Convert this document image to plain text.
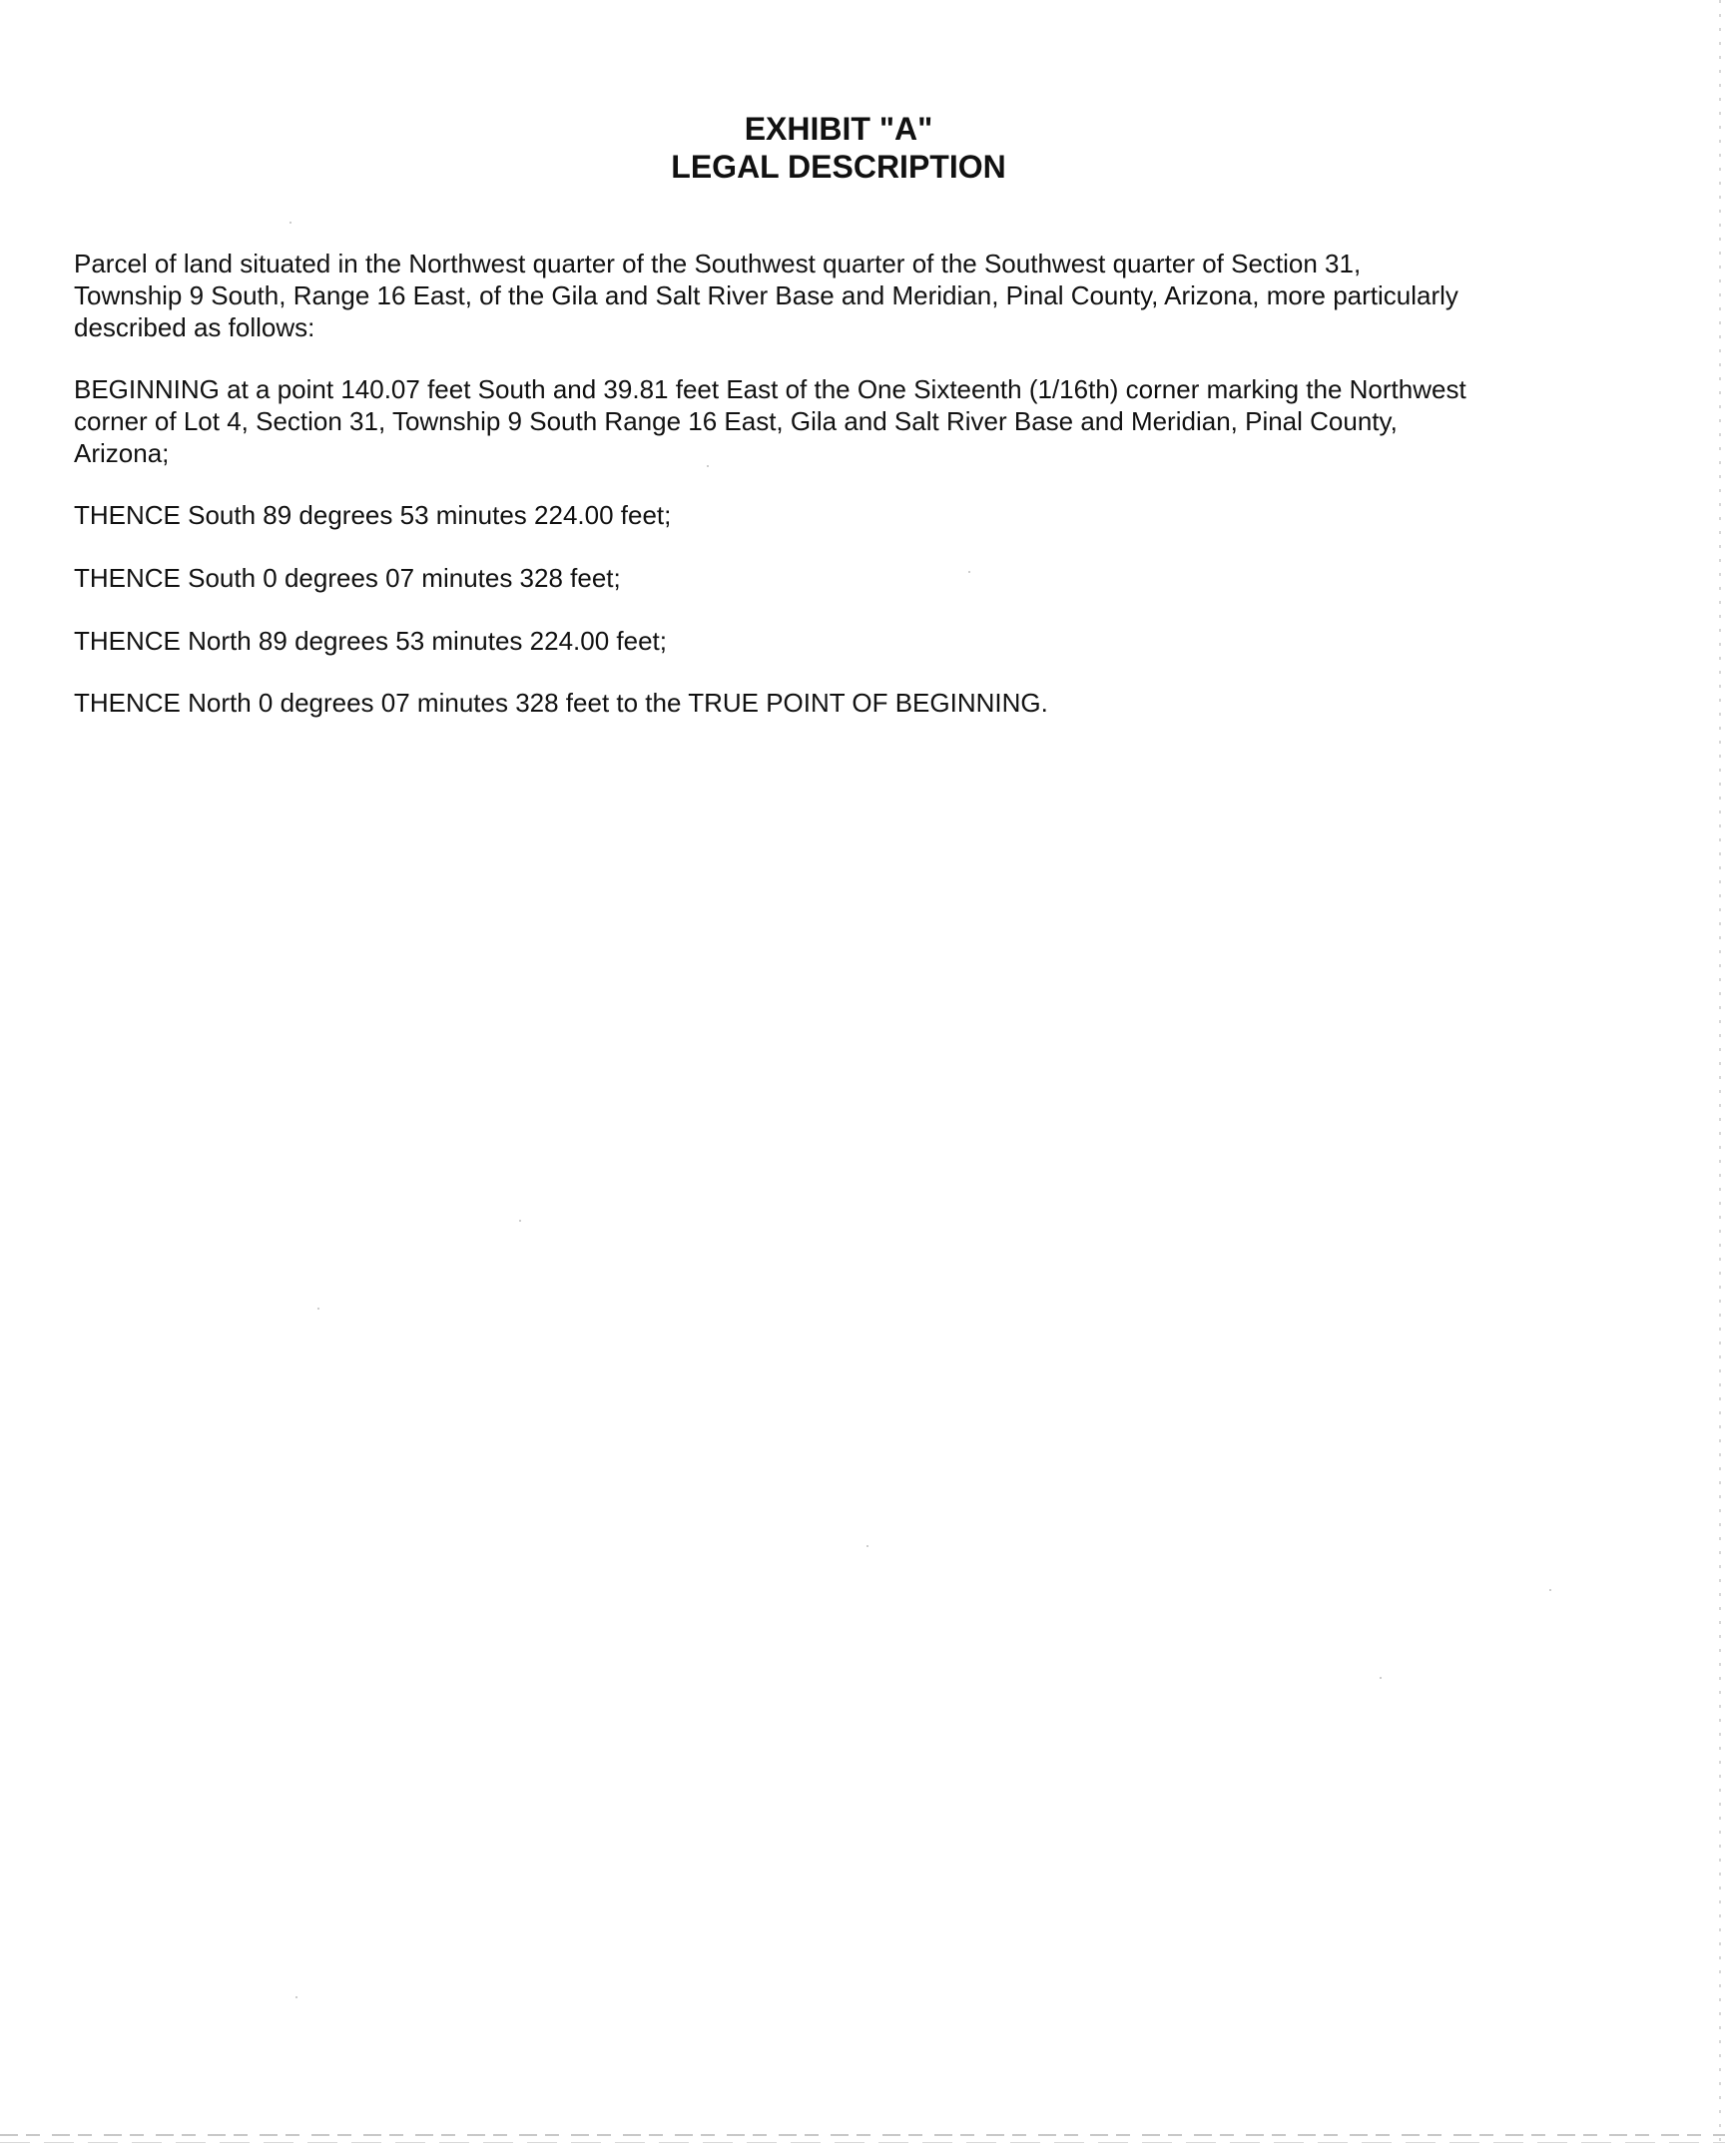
EXHIBIT "A"
LEGAL DESCRIPTION
Parcel of land situated in the Northwest quarter of the Southwest quarter of the Southwest quarter of Section 31,
Township 9 South, Range 16 East, of the Gila and Salt River Base and Meridian, Pinal County, Arizona, more particularly
described as follows:
BEGINNING at a point 140.07 feet South and 39.81 feet East of the One Sixteenth (1/16th) corner marking the Northwest
corner of Lot 4, Section 31, Township 9 South Range 16 East, Gila and Salt River Base and Meridian, Pinal County,
Arizona;
THENCE South 89 degrees 53 minutes 224.00 feet;
THENCE South 0 degrees 07 minutes 328 feet;
THENCE North 89 degrees 53 minutes 224.00 feet;
THENCE North 0 degrees 07 minutes 328 feet to the TRUE POINT OF BEGINNING.
